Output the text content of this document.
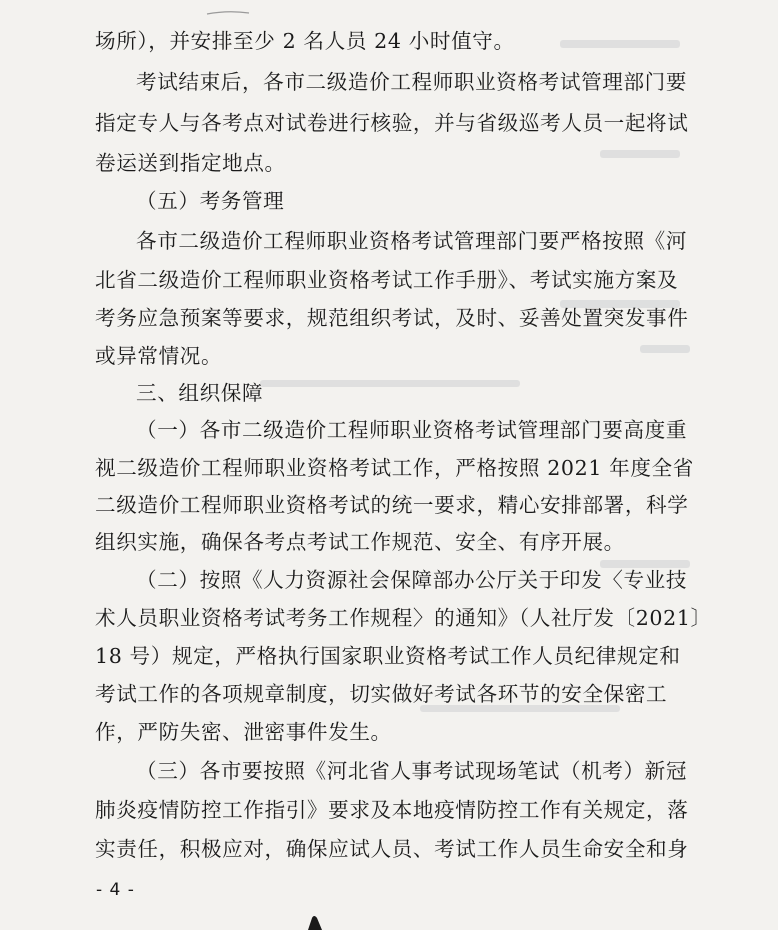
场所），并安排至少 2 名人员 24 小时值守。
考试结束后，各市二级造价工程师职业资格考试管理部门要
指定专人与各考点对试卷进行核验，并与省级巡考人员一起将试
卷运送到指定地点。
（五）考务管理
各市二级造价工程师职业资格考试管理部门要严格按照《河
北省二级造价工程师职业资格考试工作手册》、考试实施方案及
考务应急预案等要求，规范组织考试，及时、妥善处置突发事件
或异常情况。
三、组织保障
（一）各市二级造价工程师职业资格考试管理部门要高度重
视二级造价工程师职业资格考试工作，严格按照 2021 年度全省
二级造价工程师职业资格考试的统一要求，精心安排部署，科学
组织实施，确保各考点考试工作规范、安全、有序开展。
（二）按照《人力资源社会保障部办公厅关于印发〈专业技
术人员职业资格考试考务工作规程〉的通知》（人社厅发〔2021〕
18 号）规定，严格执行国家职业资格考试工作人员纪律规定和
考试工作的各项规章制度，切实做好考试各环节的安全保密工
作，严防失密、泄密事件发生。
（三）各市要按照《河北省人事考试现场笔试（机考）新冠
肺炎疫情防控工作指引》要求及本地疫情防控工作有关规定，落
实责任，积极应对，确保应试人员、考试工作人员生命安全和身
- 4 -
